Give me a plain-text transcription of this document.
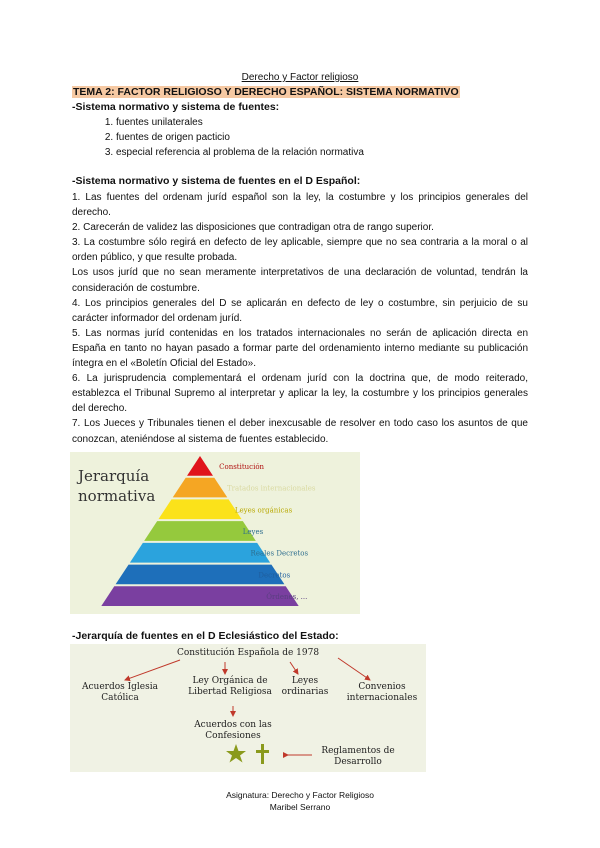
Derecho y Factor religioso
TEMA 2: FACTOR RELIGIOSO Y DERECHO ESPAÑOL: SISTEMA NORMATIVO
-Sistema normativo y sistema de fuentes:
1. fuentes unilaterales
2. fuentes de origen pacticio
3. especial referencia al problema de la relación normativa
-Sistema normativo y sistema de fuentes en el D Español:

1. Las fuentes del ordenam juríd español son la ley, la costumbre y los principios generales del derecho.

2. Carecerán de validez las disposiciones que contradigan otra de rango superior.

3. La costumbre sólo regirá en defecto de ley aplicable, siempre que no sea contraria a la moral o al orden público, y que resulte probada.

Los usos juríd que no sean meramente interpretativos de una declaración de voluntad, tendrán la consideración de costumbre.

4. Los principios generales del D se aplicarán en defecto de ley o costumbre, sin perjuicio de su carácter informador del ordenam juríd.

5. Las normas juríd contenidas en los tratados internacionales no serán de aplicación directa en España en tanto no hayan pasado a formar parte del ordenamiento interno mediante su publicación íntegra en el «Boletín Oficial del Estado».

6. La jurisprudencia complementará el ordenam juríd con la doctrina que, de modo reiterado, establezca el Tribunal Supremo al interpretar y aplicar la ley, la costumbre y los principios generales del derecho.

7. Los Jueces y Tribunales tienen el deber inexcusable de resolver en todo caso los asuntos de que conozcan, ateniéndose al sistema de fuentes establecido.

Jerarquía
normativa
Constitución
Tratados internacionales
Leyes orgánicas
Leyes
Reales Decretos
Decretos
Órdenes, ...
-Jerarquía de fuentes en el D Eclesiástico del Estado:
Constitución Española de 1978
Acuerdos Iglesia
Católica
Ley Orgánica de
Libertad Religiosa
Leyes
ordinarias	Convenios
internacionales
Acuerdos con las
Confesiones
Reglamentos de
Desarrollo
Asignatura: Derecho y Factor Religioso
Maribel Serrano
